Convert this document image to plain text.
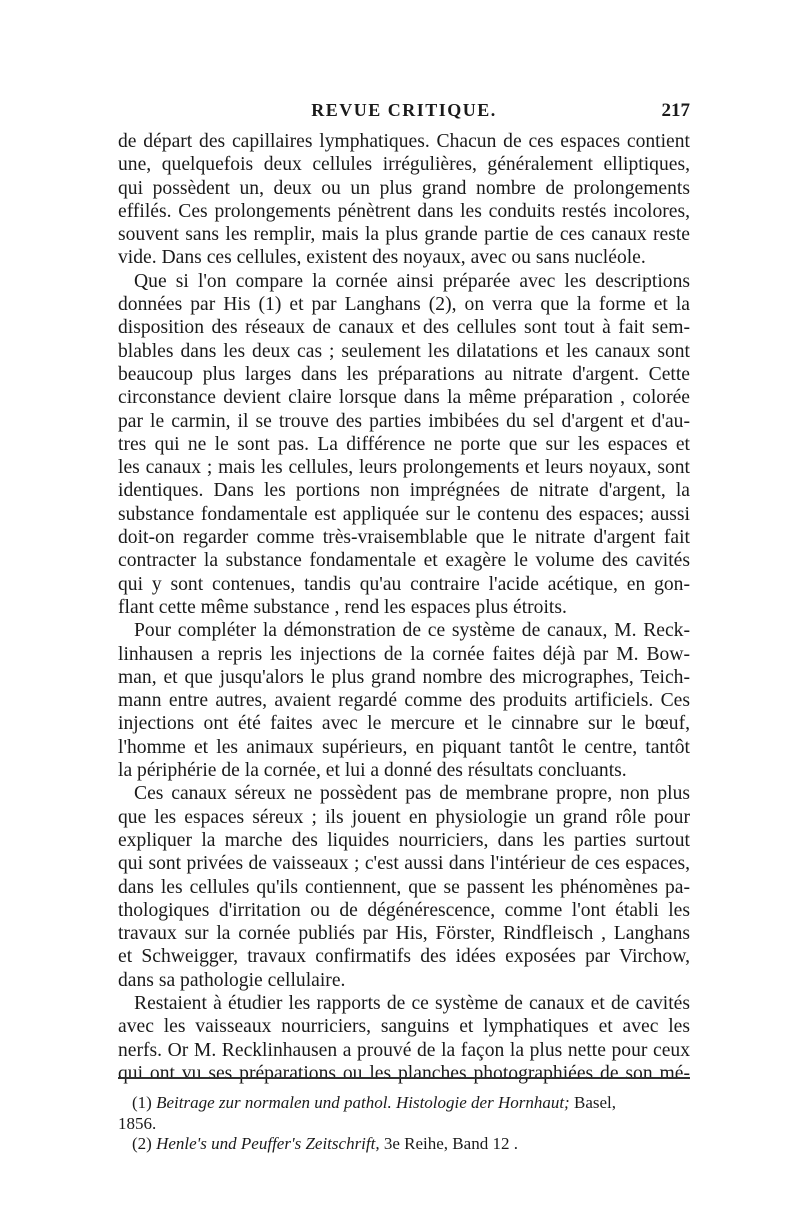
REVUE CRITIQUE.	217
de départ des capillaires lymphatiques. Chacun de ces espaces contient
une, quelquefois deux cellules irrégulières, généralement elliptiques,
qui possèdent un, deux ou un plus grand nombre de prolongements
effilés. Ces prolongements pénètrent dans les conduits restés incolores,
souvent sans les remplir, mais la plus grande partie de ces canaux reste
vide. Dans ces cellules, existent des noyaux, avec ou sans nucléole.
Que si l'on compare la cornée ainsi préparée avec les descriptions
données par His (1) et par Langhans (2), on verra que la forme et la
disposition des réseaux de canaux et des cellules sont tout à fait sem-
blables dans les deux cas ; seulement les dilatations et les canaux sont
beaucoup plus larges dans les préparations au nitrate d'argent. Cette
circonstance devient claire lorsque dans la même préparation , colorée
par le carmin, il se trouve des parties imbibées du sel d'argent et d'au-
tres qui ne le sont pas. La différence ne porte que sur les espaces et
les canaux ; mais les cellules, leurs prolongements et leurs noyaux, sont
identiques. Dans les portions non imprégnées de nitrate d'argent, la
substance fondamentale est appliquée sur le contenu des espaces; aussi
doit-on regarder comme très-vraisemblable que le nitrate d'argent fait
contracter la substance fondamentale et exagère le volume des cavités
qui y sont contenues, tandis qu'au contraire l'acide acétique, en gon-
flant cette même substance , rend les espaces plus étroits.
Pour compléter la démonstration de ce système de canaux, M. Reck-
linhausen a repris les injections de la cornée faites déjà par M. Bow-
man, et que jusqu'alors le plus grand nombre des micrographes, Teich-
mann entre autres, avaient regardé comme des produits artificiels. Ces
injections ont été faites avec le mercure et le cinnabre sur le bœuf,
l'homme et les animaux supérieurs, en piquant tantôt le centre, tantôt
la périphérie de la cornée, et lui a donné des résultats concluants.
Ces canaux séreux ne possèdent pas de membrane propre, non plus
que les espaces séreux ; ils jouent en physiologie un grand rôle pour
expliquer la marche des liquides nourriciers, dans les parties surtout
qui sont privées de vaisseaux ; c'est aussi dans l'intérieur de ces espaces,
dans les cellules qu'ils contiennent, que se passent les phénomènes pa-
thologiques d'irritation ou de dégénérescence, comme l'ont établi les
travaux sur la cornée publiés par His, Förster, Rindfleisch , Langhans
et Schweigger, travaux confirmatifs des idées exposées par Virchow,
dans sa pathologie cellulaire.
Restaient à étudier les rapports de ce système de canaux et de cavités
avec les vaisseaux nourriciers, sanguins et lymphatiques et avec les
nerfs. Or M. Recklinhausen a prouvé de la façon la plus nette pour ceux
qui ont vu ses préparations ou les planches photographiées de son mé-
(1) Beitrage zur normalen und pathol. Histologie der Hornhaut; Basel,
1856.
(2) Henle's und Peuffer's Zeitschrift, 3e Reihe, Band 12 .
